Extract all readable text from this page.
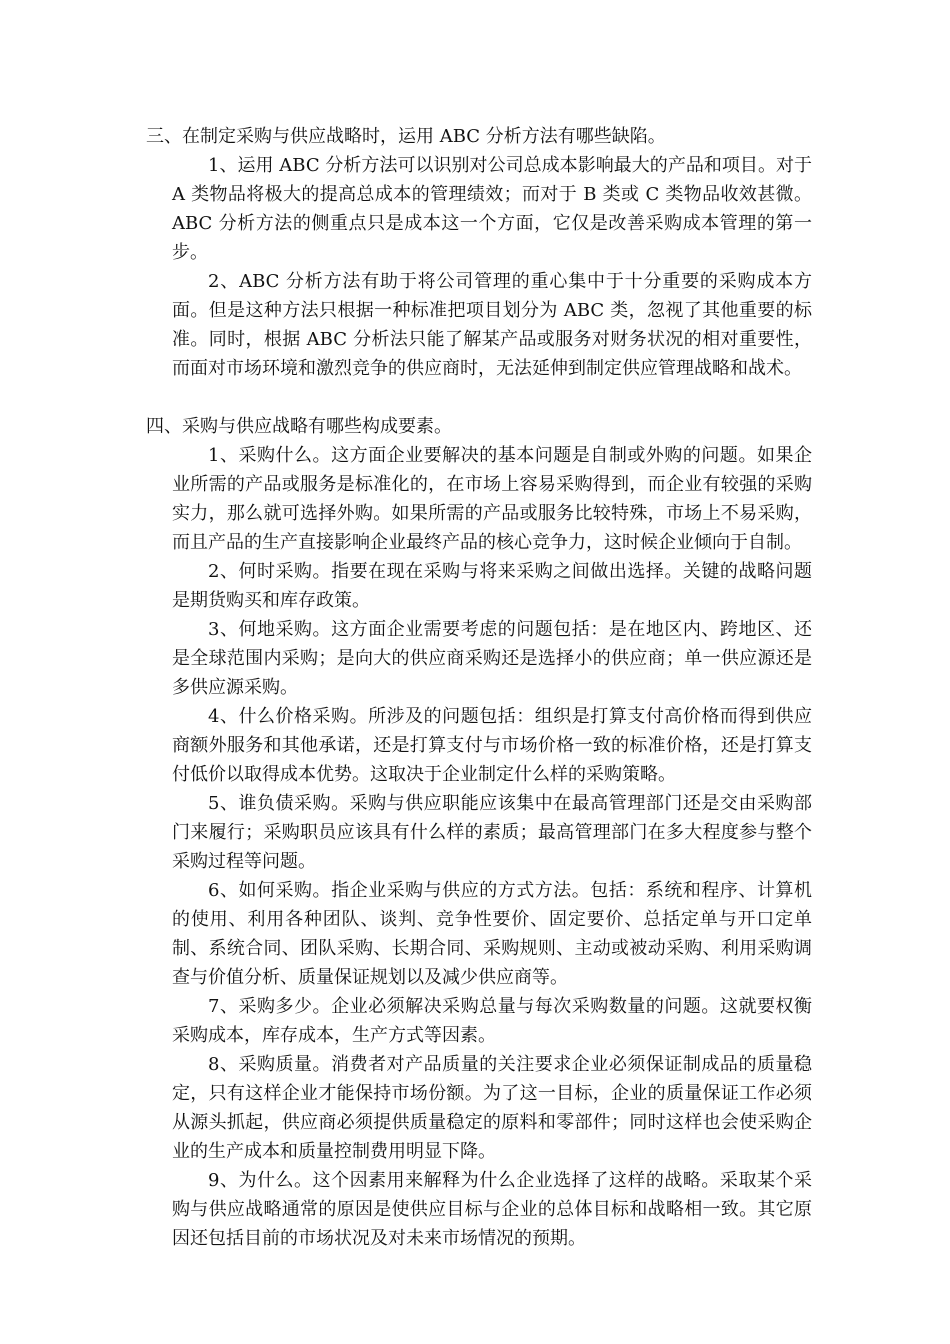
三、在制定采购与供应战略时，运用 ABC 分析方法有哪些缺陷。

1、运用 ABC 分析方法可以识别对公司总成本影响最大的产品和项目。对于 A 类物品将极大的提高总成本的管理绩效；而对于 B 类或 C 类物品收效甚微。ABC 分析方法的侧重点只是成本这一个方面，它仅是改善采购成本管理的第一步。

2、ABC 分析方法有助于将公司管理的重心集中于十分重要的采购成本方面。但是这种方法只根据一种标准把项目划分为 ABC 类，忽视了其他重要的标准。同时，根据 ABC 分析法只能了解某产品或服务对财务状况的相对重要性，而面对市场环境和激烈竞争的供应商时，无法延伸到制定供应管理战略和战术。

四、采购与供应战略有哪些构成要素。

1、采购什么。这方面企业要解决的基本问题是自制或外购的问题。如果企业所需的产品或服务是标准化的，在市场上容易采购得到，而企业有较强的采购实力，那么就可选择外购。如果所需的产品或服务比较特殊，市场上不易采购，而且产品的生产直接影响企业最终产品的核心竞争力，这时候企业倾向于自制。

2、何时采购。指要在现在采购与将来采购之间做出选择。关键的战略问题是期货购买和库存政策。

3、何地采购。这方面企业需要考虑的问题包括：是在地区内、跨地区、还是全球范围内采购；是向大的供应商采购还是选择小的供应商；单一供应源还是多供应源采购。

4、什么价格采购。所涉及的问题包括：组织是打算支付高价格而得到供应商额外服务和其他承诺，还是打算支付与市场价格一致的标准价格，还是打算支付低价以取得成本优势。这取决于企业制定什么样的采购策略。

5、谁负债采购。采购与供应职能应该集中在最高管理部门还是交由采购部门来履行；采购职员应该具有什么样的素质；最高管理部门在多大程度参与整个采购过程等问题。

6、如何采购。指企业采购与供应的方式方法。包括：系统和程序、计算机的使用、利用各种团队、谈判、竞争性要价、固定要价、总括定单与开口定单制、系统合同、团队采购、长期合同、采购规则、主动或被动采购、利用采购调查与价值分析、质量保证规划以及减少供应商等。

7、采购多少。企业必须解决采购总量与每次采购数量的问题。这就要权衡采购成本，库存成本，生产方式等因素。

8、采购质量。消费者对产品质量的关注要求企业必须保证制成品的质量稳定，只有这样企业才能保持市场份额。为了这一目标，企业的质量保证工作必须从源头抓起，供应商必须提供质量稳定的原料和零部件；同时这样也会使采购企业的生产成本和质量控制费用明显下降。

9、为什么。这个因素用来解释为什么企业选择了这样的战略。采取某个采购与供应战略通常的原因是使供应目标与企业的总体目标和战略相一致。其它原因还包括目前的市场状况及对未来市场情况的预期。
